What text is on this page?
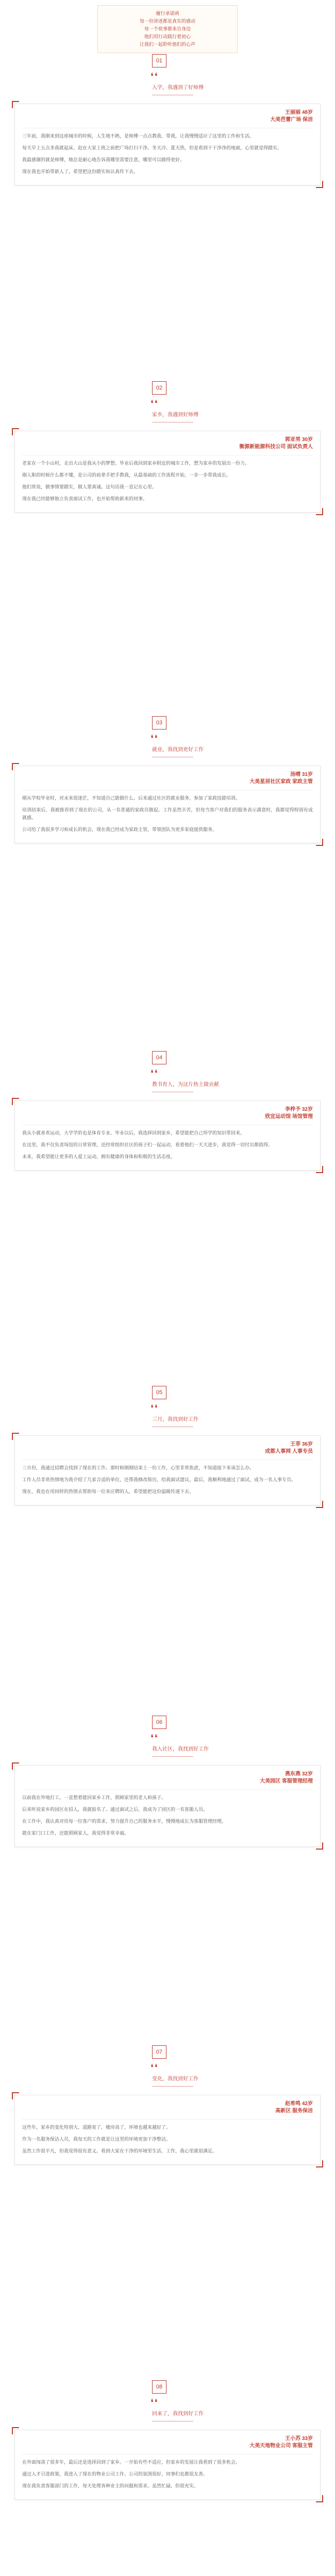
履行承诺函

每一份讲述都是真实的感动

每一个故事都来自身边

他们用行动践行着初心

让我们一起聆听他们的心声

01
❛❛
入学，我遇到了好师傅
王丽丽 48岁
大美芭蕾广场 保洁

三年前，我刚来到这座城市的时候，人生地不熟，是师傅一点点教我、带我，让我慢慢适应了这里的工作和生活。

每天早上五点多我就起床，赶在大家上班之前把广场打扫干净。冬天冷、夏天热，但是看到干干净净的地面，心里就觉得踏实。

我最感谢的就是师傅，她总是耐心地告诉我哪里需要注意，哪里可以做得更好。

现在我也开始带新人了，希望把这份踏实和认真传下去。

02
❛❛
家乡，我遇到好师傅
郭亚男 30岁
衡源新能源科技公司 面试负责人

老家在一个小山村，走出大山是我从小的梦想。毕业后我回到家乡附近的城市工作，想为家乡的发展出一份力。

刚入职的时候什么都不懂，是公司的前辈手把手教我，从最基础的工作流程开始，一步一步带我成长。

他们常说，做事情要踏实，做人要真诚。这句话我一直记在心里。

现在我已经能够独立负责面试工作，也开始帮助新来的同事。

03
❛❛
就业，我找到更好工作
汤晴 31岁
大美星居社区家政 家政主管

刚从学校毕业时，对未来很迷茫，不知道自己能做什么。后来通过社区的就业服务，参加了家政技能培训。

培训结束后，我被推荐到了现在的公司，从一名普通的家政员做起。工作虽然辛苦，但每当客户对我们的服务表示满意时，我都觉得特别有成就感。

公司给了我很多学习和成长的机会，现在我已经成为家政主管，带领团队为更多家庭提供服务。

04
❛❛
教书育人，为这片热土做贡献
李梓予 32岁
欣宜运动馆 场馆管理

我从小就喜欢运动，大学学的也是体育专业。毕业以后，我选择回到家乡，希望能把自己所学的知识带回来。

在这里，我不仅负责场馆的日常管理，还经常组织社区的孩子们一起运动，看着他们一天天进步，我觉得一切付出都值得。

未来，我希望能让更多的人爱上运动，拥有健康的身体和积极的生活态度。

05
❛❛
三月，我找到好工作
王菲 36岁
成都人事网 人事专员

三月份，我通过招聘会找到了现在的工作。那时候刚刚结束上一份工作，心里非常焦虑，不知道接下来该怎么办。

工作人员非常热情地为我介绍了几家合适的单位，还帮我修改简历，给我面试建议。最后，我顺利地通过了面试，成为一名人事专员。

现在，我也在用同样的热情去帮助每一位来应聘的人，希望能把这份温暖传递下去。

06
❛❛
我入社区，我找到好工作
燕东燕 32岁
大美园区 客服管理经理

以前我在外地打工，一直想着能回家乡工作，照顾家里的老人和孩子。

后来听说家乡的园区在招人，我就报名了。通过面试之后，我成为了园区的一名客服人员。

在工作中，我认真对待每一位客户的需求，努力提升自己的服务水平，慢慢地成长为客服管理经理。

能在家门口工作，还能照顾家人，我觉得非常幸福。

07
❛❛
变化，我找到好工作
赵希鸣 42岁
高新区 服务保洁

这些年，家乡的变化特别大，道路宽了，楼房高了，环境也越来越好了。

作为一名服务保洁人员，我每天的工作就是让这里的环境更加干净整洁。

虽然工作很平凡，但我觉得很有意义。看到大家在干净的环境里生活、工作，我心里就很满足。

08
❛❛
回来了，我找到好工作
王小苏 33岁
大美天地物业公司 客服主管

在外面闯荡了很多年，最后还是选择回到了家乡。一开始有些不适应，但家乡的发展让我看到了很多机会。

通过人才引进政策，我进入了现在的物业公司工作。公司的氛围很好，同事们也都很友善。

现在我负责客服部门的工作，每天处理各种业主的问题和需求。虽然忙碌，但很充实。
